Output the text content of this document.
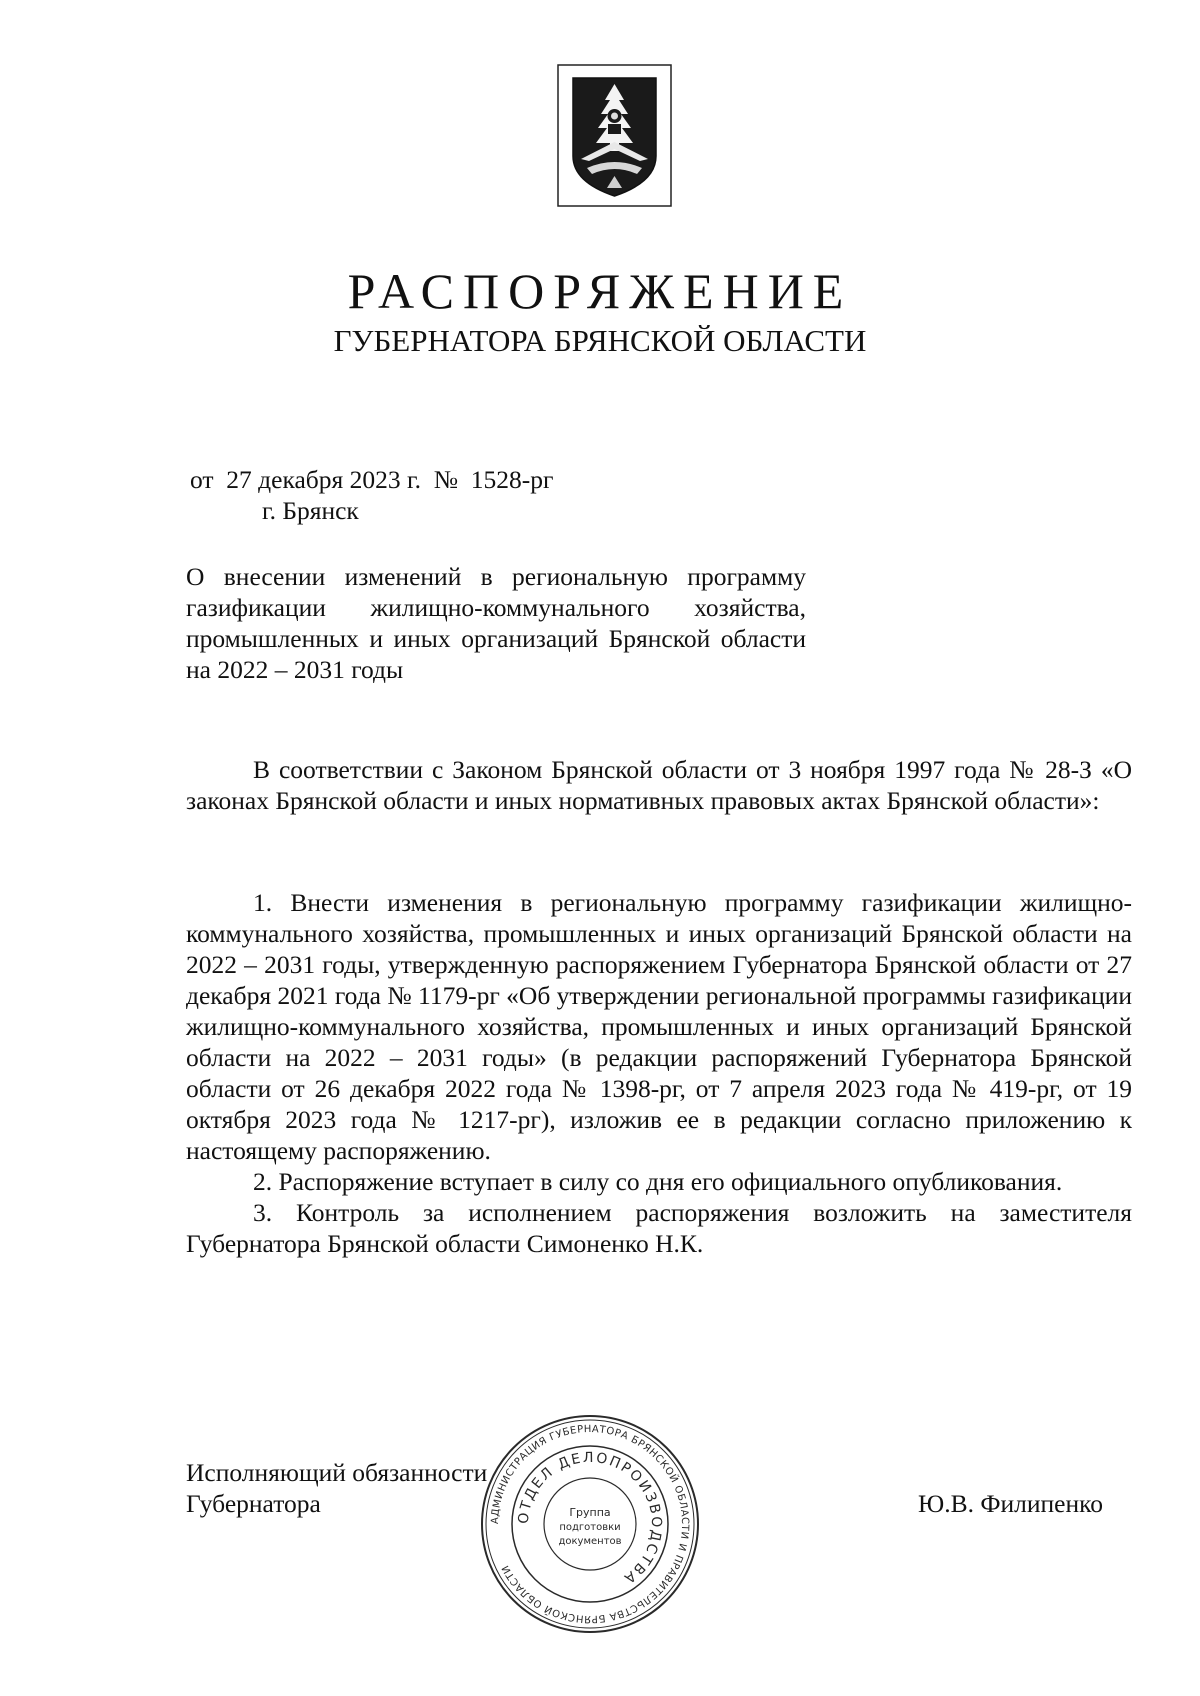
РАСПОРЯЖЕНИЕ
ГУБЕРНАТОРА БРЯНСКОЙ ОБЛАСТИ
от  27 декабря 2023 г.  №  1528-рг
г. Брянск
О внесении изменений в региональную программу газификации жилищно-коммунального хозяйства, промышленных и иных организаций Брянской области на 2022 – 2031 годы
В соответствии с Законом Брянской области от 3 ноября 1997 года № 28-З «О законах Брянской области и иных нормативных правовых актах Брянской области»:

1. Внести изменения в региональную программу газификации жилищно-коммунального хозяйства, промышленных и иных организаций Брянской области на 2022 – 2031 годы, утвержденную распоряжением Губернатора Брянской области от 27 декабря 2021 года № 1179-рг «Об утверждении региональной программы газификации жилищно-коммунального хозяйства, промышленных и иных организаций Брянской области на 2022 – 2031 годы» (в редакции распоряжений Губернатора Брянской области от 26 декабря 2022 года № 1398-рг, от 7 апреля 2023 года № 419-рг, от 19 октября 2023 года № 1217-рг), изложив ее в редакции согласно приложению к настоящему распоряжению.

2. Распоряжение вступает в силу со дня его официального опубликования.

3. Контроль за исполнением распоряжения возложить на заместителя Губернатора Брянской области Симоненко Н.К.

Исполняющий обязанности
Губернатора	Ю.В. Филипенко
АДМИНИСТРАЦИЯ ГУБЕРНАТОРА БРЯНСКОЙ ОБЛАСТИ И ПРАВИТЕЛЬСТВА БРЯНСКОЙ ОБЛАСТИ
ОТДЕЛ ДЕЛОПРОИЗВОДСТВА
Группа
подготовки
документов
